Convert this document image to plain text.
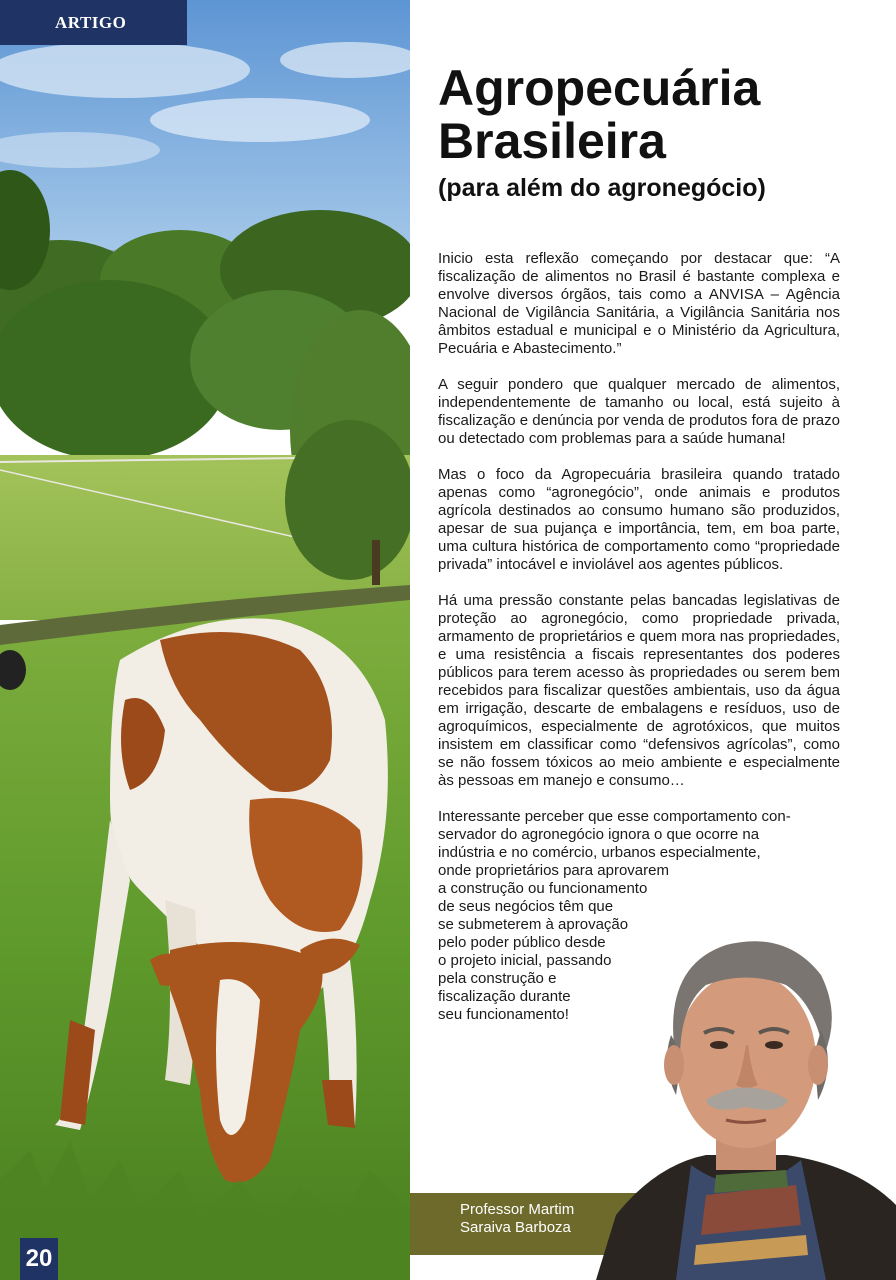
ARTIGO
20
Agropecuária
Brasileira
(para além do agronegócio)

Inicio esta reflexão começando por destacar que: “A fiscalização de alimentos no Brasil é bastante complexa e envolve diversos órgãos, tais como a ANVISA – Agência Nacional de Vigilância Sanitária, a Vigilância Sanitária nos âmbitos estadual e municipal e o Ministério da Agricultura, Pecuária e Abastecimento.”

A seguir pondero que qualquer mercado de alimentos, independentemente de tamanho ou local, está sujeito à fiscalização e denúncia por venda de produtos fora de prazo ou detectado com problemas para a saúde humana!

Mas o foco da Agropecuária brasileira quando tratado apenas como “agronegócio”, onde animais e produtos agrícola destinados ao consumo humano são produzidos, apesar de sua pujança e importância, tem, em boa parte, uma cultura histórica de comportamento como “propriedade privada” intocável e inviolável aos agentes públicos.

Há uma pressão constante pelas bancadas legislativas de proteção ao agronegócio, como propriedade privada, armamento de proprietários e quem mora nas propriedades, e uma resistência a fiscais representantes dos poderes públicos para terem acesso às propriedades ou serem bem recebidos para fiscalizar questões ambientais, uso da água em irrigação, descarte de embalagens e resíduos, uso de agroquímicos, especialmente de agrotóxicos, que muitos insistem em classificar como “defensivos agrícolas”, como se não fossem tóxicos ao meio ambiente e especialmente às pessoas em manejo e consumo…

Interessante perceber que esse comportamento con-
servador do agronegócio ignora o que ocorre na
indústria e no comércio, urbanos especialmente,
onde proprietários para aprovarem
a construção ou funcionamento
de seus negócios têm que
se submeterem à aprovação
pelo poder público desde
o projeto inicial, passando
pela construção e
fiscalização durante
seu funcionamento!

Professor Martim
Saraiva Barboza
